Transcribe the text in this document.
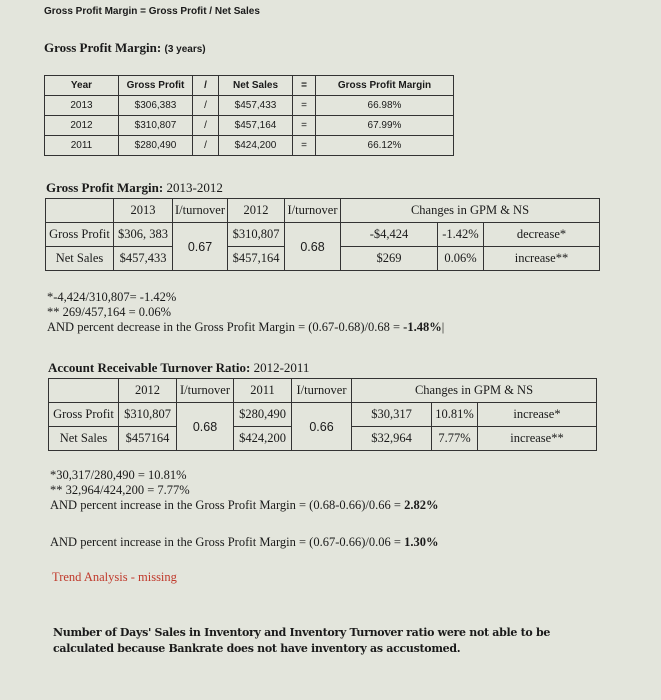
Gross Profit Margin = Gross Profit / Net Sales
Gross Profit Margin: (3 years)
Year	Gross Profit	/	Net Sales	=	Gross Profit Margin
2013	$306,383	/	$457,433	=	66.98%
2012	$310,807	/	$457,164	=	67.99%
2011	$280,490	/	$424,200	=	66.12%
Gross Profit Margin: 2013-2012
	2013	I/turnover	2012	I/turnover	Changes in GPM & NS		
Gross Profit	$306, 383	0.67	$310,807	0.68	-$4,424	-1.42%	decrease*
Net Sales	$457,433		$457,164		$269	0.06%	increase**
*-4,424/310,807= -1.42%
** 269/457,164 = 0.06%
AND percent decrease in the Gross Profit Margin = (0.67-0.68)/0.68 = -1.48%|
Account Receivable Turnover Ratio: 2012-2011
	2012	I/turnover	2011	I/turnover	Changes in GPM & NS		
Gross Profit	$310,807	0.68	$280,490	0.66	$30,317	10.81%	increase*
Net Sales	$457164		$424,200		$32,964	7.77%	increase**
*30,317/280,490 = 10.81%
** 32,964/424,200 = 7.77%
AND percent increase in the Gross Profit Margin = (0.68-0.66)/0.66 = 2.82%
AND percent increase in the Gross Profit Margin = (0.67-0.66)/0.06 = 1.30%
Trend Analysis - missing
Number of Days' Sales in Inventory and Inventory Turnover ratio were not able to be calculated because Bankrate does not have inventory as accustomed.
